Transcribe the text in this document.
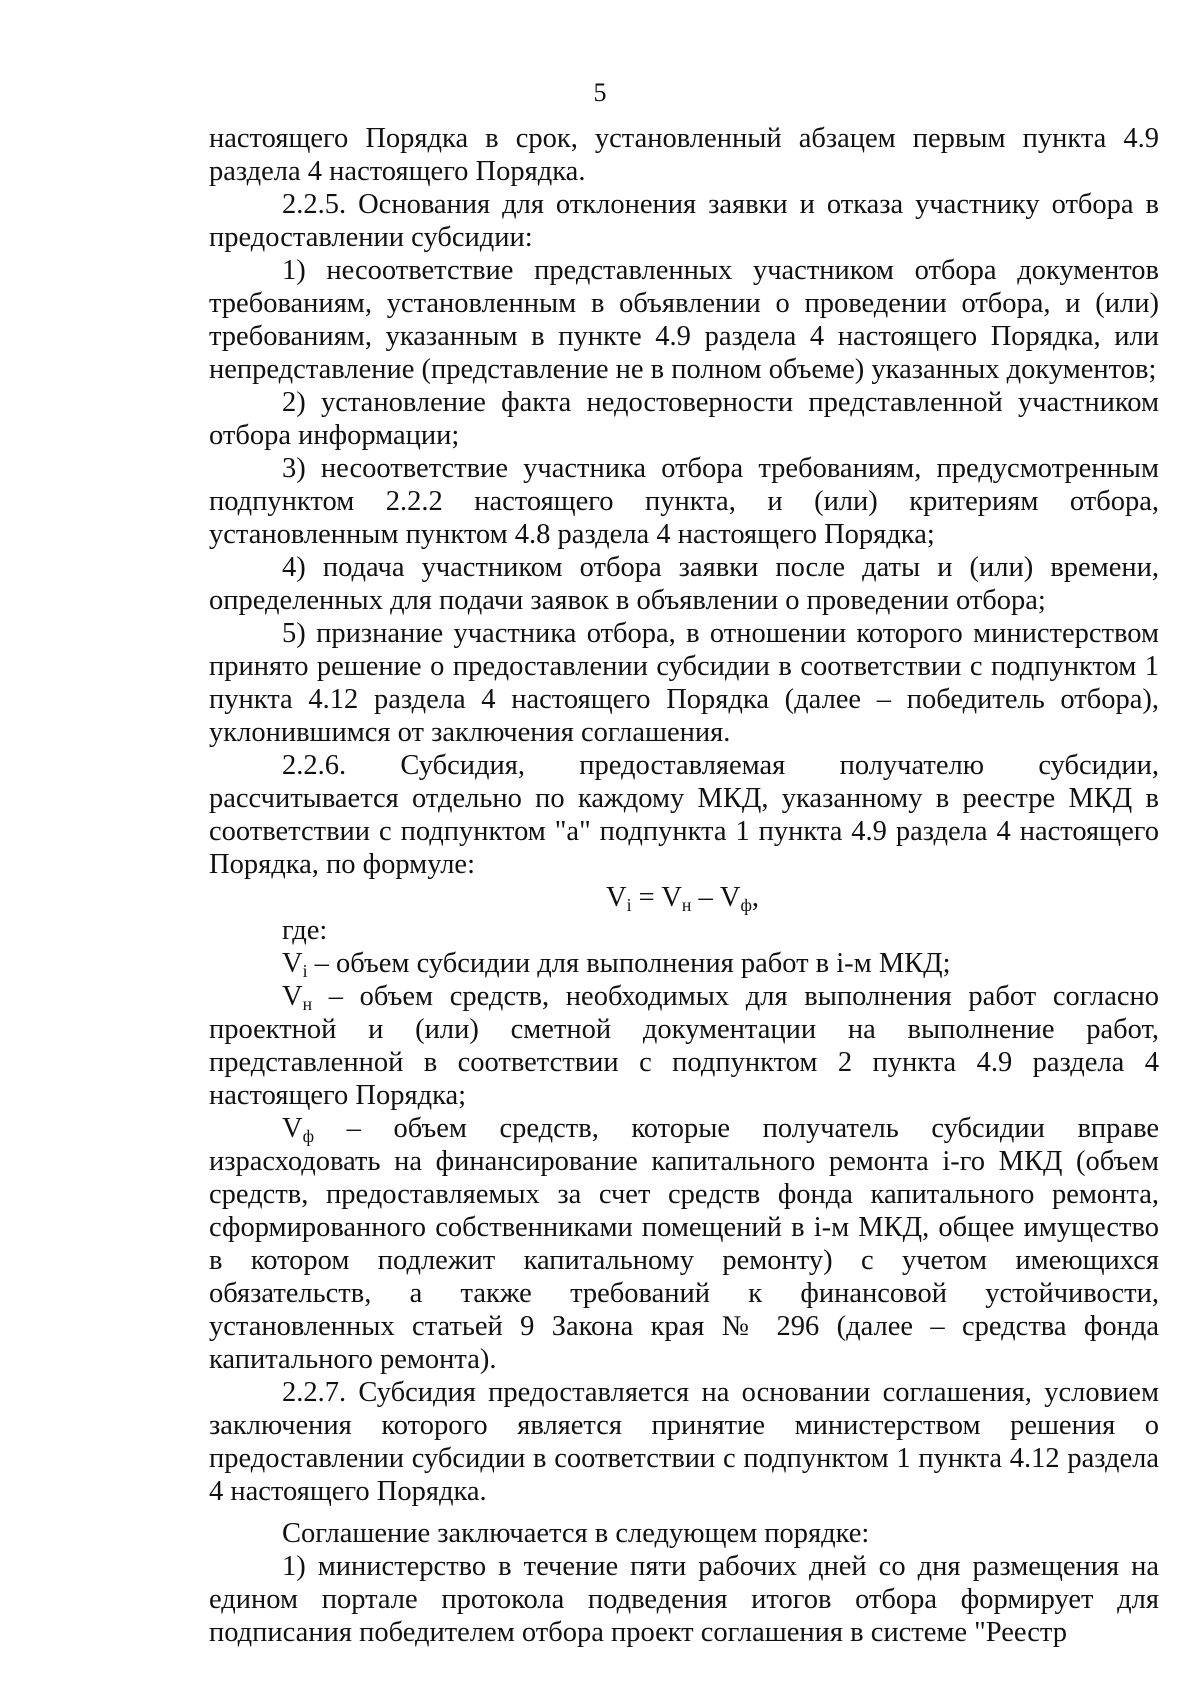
5

настоящего Порядка в срок, установленный абзацем первым пункта 4.9 раздела 4 настоящего Порядка.

2.2.5. Основания для отклонения заявки и отказа участнику отбора в предоставлении субсидии:

1) несоответствие представленных участником отбора документов требованиям, установленным в объявлении о проведении отбора, и (или) требованиям, указанным в пункте 4.9 раздела 4 настоящего Порядка, или непредставление (представление не в полном объеме) указанных документов;

2) установление факта недостоверности представленной участником отбора информации;

3) несоответствие участника отбора требованиям, предусмотренным подпунктом 2.2.2 настоящего пункта, и (или) критериям отбора, установленным пунктом 4.8 раздела 4 настоящего Порядка;

4) подача участником отбора заявки после даты и (или) времени, определенных для подачи заявок в объявлении о проведении отбора;

5) признание участника отбора, в отношении которого министерством принято решение о предоставлении субсидии в соответствии с подпунктом 1 пункта 4.12 раздела 4 настоящего Порядка (далее – победитель отбора), уклонившимся от заключения соглашения.

2.2.6. Субсидия, предоставляемая получателю субсидии, рассчитывается отдельно по каждому МКД, указанному в реестре МКД в соответствии с подпунктом "а" подпункта 1 пункта 4.9 раздела 4 настоящего Порядка, по формуле:

$V_i = V_н - V_ф$,

где:

$V_i$ – объем субсидии для выполнения работ в i-м МКД;

$V_н$ – объем средств, необходимых для выполнения работ согласно проектной и (или) сметной документации на выполнение работ, представленной в соответствии с подпунктом 2 пункта 4.9 раздела 4 настоящего Порядка;

$V_ф$ – объем средств, которые получатель субсидии вправе израсходовать на финансирование капитального ремонта i-го МКД (объем средств, предоставляемых за счет средств фонда капитального ремонта, сформированного собственниками помещений в i-м МКД, общее имущество в котором подлежит капитальному ремонту) с учетом имеющихся обязательств, а также требований к финансовой устойчивости, установленных статьей 9 Закона края № 296 (далее – средства фонда капитального ремонта).

2.2.7. Субсидия предоставляется на основании соглашения, условием заключения которого является принятие министерством решения о предоставлении субсидии в соответствии с подпунктом 1 пункта 4.12 раздела 4 настоящего Порядка.

Соглашение заключается в следующем порядке:

1) министерство в течение пяти рабочих дней со дня размещения на едином портале протокола подведения итогов отбора формирует для подписания победителем отбора проект соглашения в системе "Реестр
